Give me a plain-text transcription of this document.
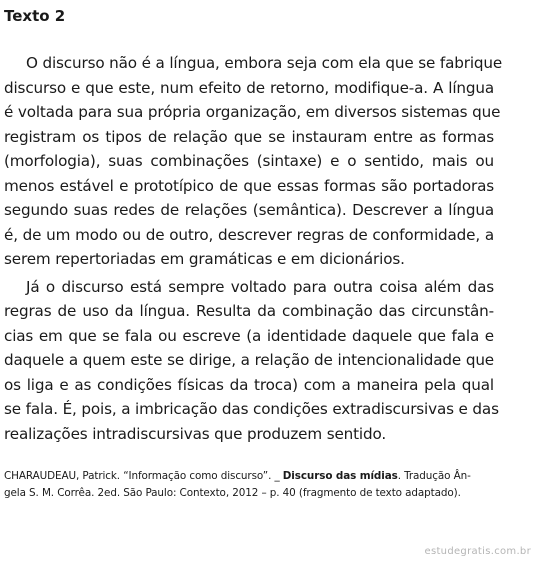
Texto 2
O discurso não é a língua, embora seja com ela que se fabrique
discurso e que este, num efeito de retorno, modifique-a. A língua
é voltada para sua própria organização, em diversos sistemas que
registram os tipos de relação que se instauram entre as formas
(morfologia), suas combinações (sintaxe) e o sentido, mais ou
menos estável e prototípico de que essas formas são portadoras
segundo suas redes de relações (semântica). Descrever a língua
é, de um modo ou de outro, descrever regras de conformidade, a
serem repertoriadas em gramáticas e em dicionários.
Já o discurso está sempre voltado para outra coisa além das
regras de uso da língua. Resulta da combinação das circunstân-
cias em que se fala ou escreve (a identidade daquele que fala e
daquele a quem este se dirige, a relação de intencionalidade que
os liga e as condições físicas da troca) com a maneira pela qual
se fala. É, pois, a imbricação das condições extradiscursivas e das
realizações intradiscursivas que produzem sentido.
CHARAUDEAU, Patrick. “Informação como discurso”. _ Discurso das mídias. Tradução Ân-
gela S. M. Corrêa. 2ed. São Paulo: Contexto, 2012 – p. 40 (fragmento de texto adaptado).
estudegratis.com.br
